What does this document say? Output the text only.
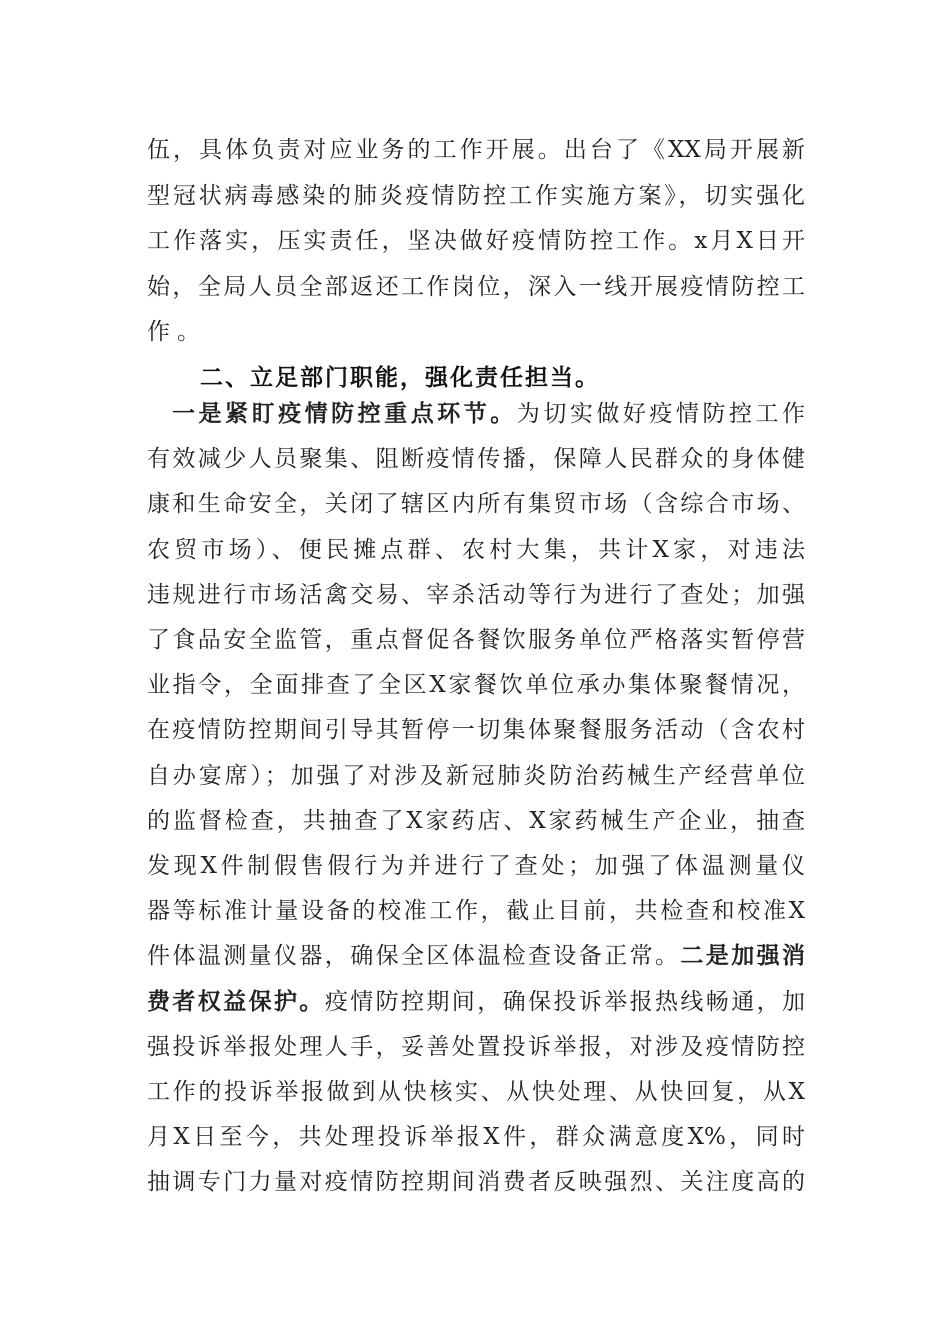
二、立足部门职能，强化责任担当。
伍，具体负责对应业务的工作开展。出台了《XX局开展新
型冠状病毒感染的肺炎疫情防控工作实施方案》，切实强化
工作落实，压实责任，坚决做好疫情防控工作。x月X日开
始，全局人员全部返还工作岗位，深入一线开展疫情防控工
作。
一是紧盯疫情防控重点环节。为切实做好疫情防控工作
有效减少人员聚集、阻断疫情传播，保障人民群众的身体健
康和生命安全，关闭了辖区内所有集贸市场（含综合市场、
农贸市场）、便民摊点群、农村大集，共计X家，对违法
违规进行市场活禽交易、宰杀活动等行为进行了查处；加强
了食品安全监管，重点督促各餐饮服务单位严格落实暂停营
业指令，全面排查了全区X家餐饮单位承办集体聚餐情况，
在疫情防控期间引导其暂停一切集体聚餐服务活动（含农村
自办宴席）；加强了对涉及新冠肺炎防治药械生产经营单位
的监督检查，共抽查了X家药店、X家药械生产企业，抽查
发现X件制假售假行为并进行了查处；加强了体温测量仪
器等标准计量设备的校准工作，截止目前，共检查和校准X
件体温测量仪器，确保全区体温检查设备正常。二是加强消
费者权益保护。疫情防控期间，确保投诉举报热线畅通，加
强投诉举报处理人手，妥善处置投诉举报，对涉及疫情防控
工作的投诉举报做到从快核实、从快处理、从快回复，从X
月X日至今，共处理投诉举报X件，群众满意度X%，同时
抽调专门力量对疫情防控期间消费者反映强烈、关注度高的
